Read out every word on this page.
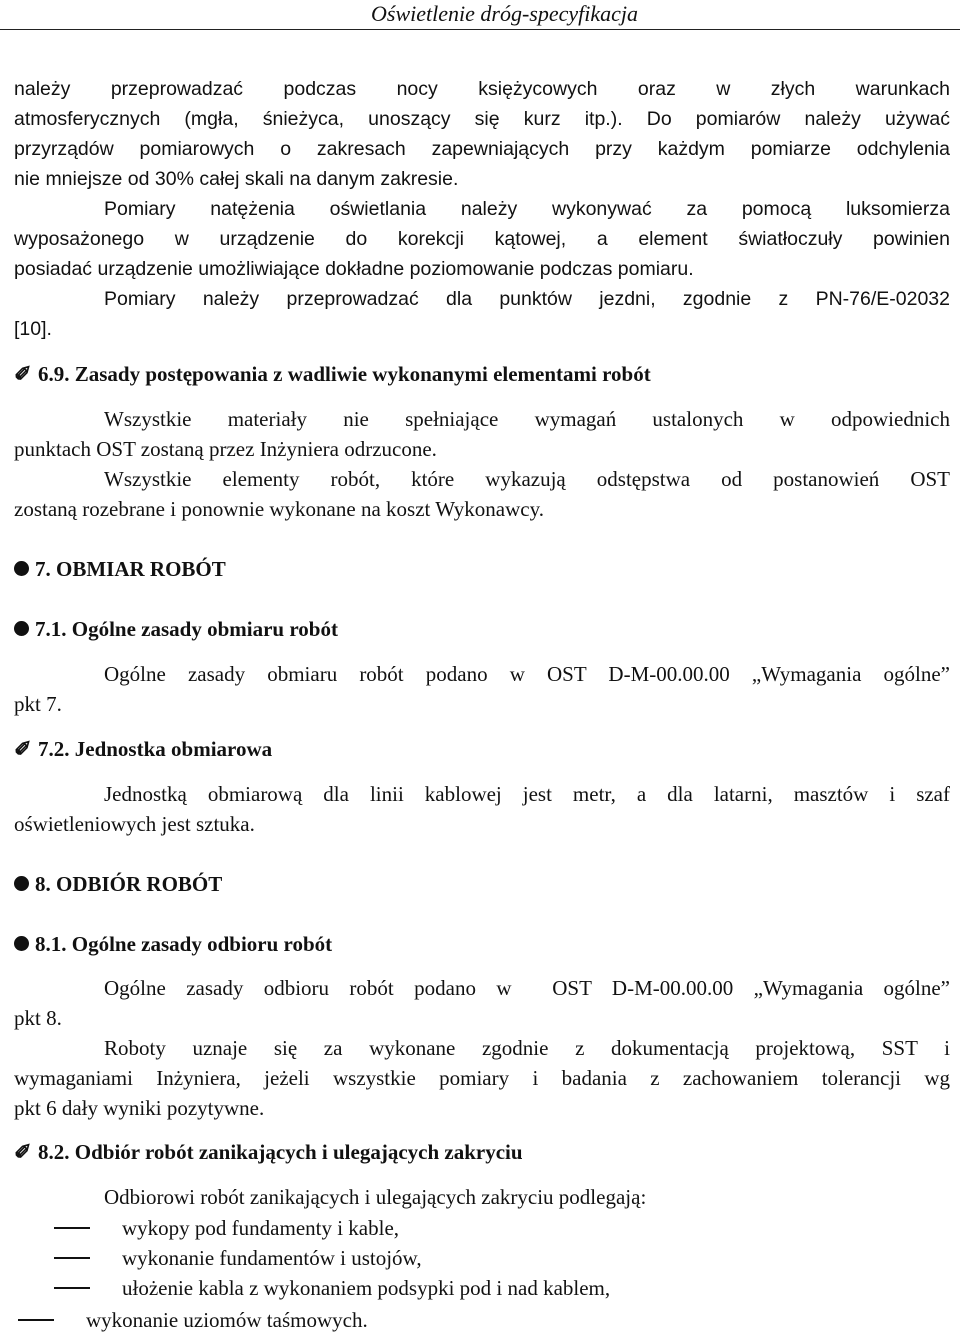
Oświetlenie dróg-specyfikacja
należy przeprowadzać podczas nocy księżycowych oraz w złych warunkach
atmosferycznych (mgła, śnieżyca, unoszący się kurz itp.). Do pomiarów należy używać
przyrządów pomiarowych o zakresach zapewniających przy każdym pomiarze odchylenia
nie mniejsze od 30% całej skali na danym zakresie.
Pomiary natężenia oświetlania należy wykonywać za pomocą luksomierza
wyposażonego w urządzenie do korekcji kątowej, a element światłoczuły powinien
posiadać urządzenie umożliwiające dokładne poziomowanie podczas pomiaru.
Pomiary należy przeprowadzać dla punktów jezdni, zgodnie z PN-76/E-02032
[10].
✐ 6.9. Zasady postępowania z wadliwie wykonanymi elementami robót
Wszystkie materiały nie spełniające wymagań ustalonych w odpowiednich
punktach OST zostaną przez Inżyniera odrzucone.
Wszystkie elementy robót, które wykazują odstępstwa od postanowień OST
zostaną rozebrane i ponownie wykonane na koszt Wykonawcy.
7. OBMIAR ROBÓT
7.1. Ogólne zasady obmiaru robót
Ogólne zasady obmiaru robót podano w OST D-M-00.00.00 „Wymagania ogólne”
pkt 7.
✐ 7.2. Jednostka obmiarowa
Jednostką obmiarową dla linii kablowej jest metr, a dla latarni, masztów i szaf
oświetleniowych jest sztuka.
8. ODBIÓR ROBÓT
8.1. Ogólne zasady odbioru robót
Ogólne zasady odbioru robót podano w  OST D-M-00.00.00 „Wymagania ogólne”
pkt 8.
Roboty uznaje się za wykonane zgodnie z dokumentacją projektową, SST i
wymaganiami Inżyniera, jeżeli wszystkie pomiary i badania z zachowaniem tolerancji wg
pkt 6 dały wyniki pozytywne.
✐ 8.2. Odbiór robót zanikających i ulegających zakryciu
Odbiorowi robót zanikających i ulegających zakryciu podlegają:
wykopy pod fundamenty i kable,
wykonanie fundamentów i ustojów,
ułożenie kabla z wykonaniem podsypki pod i nad kablem,
wykonanie uziomów taśmowych.
